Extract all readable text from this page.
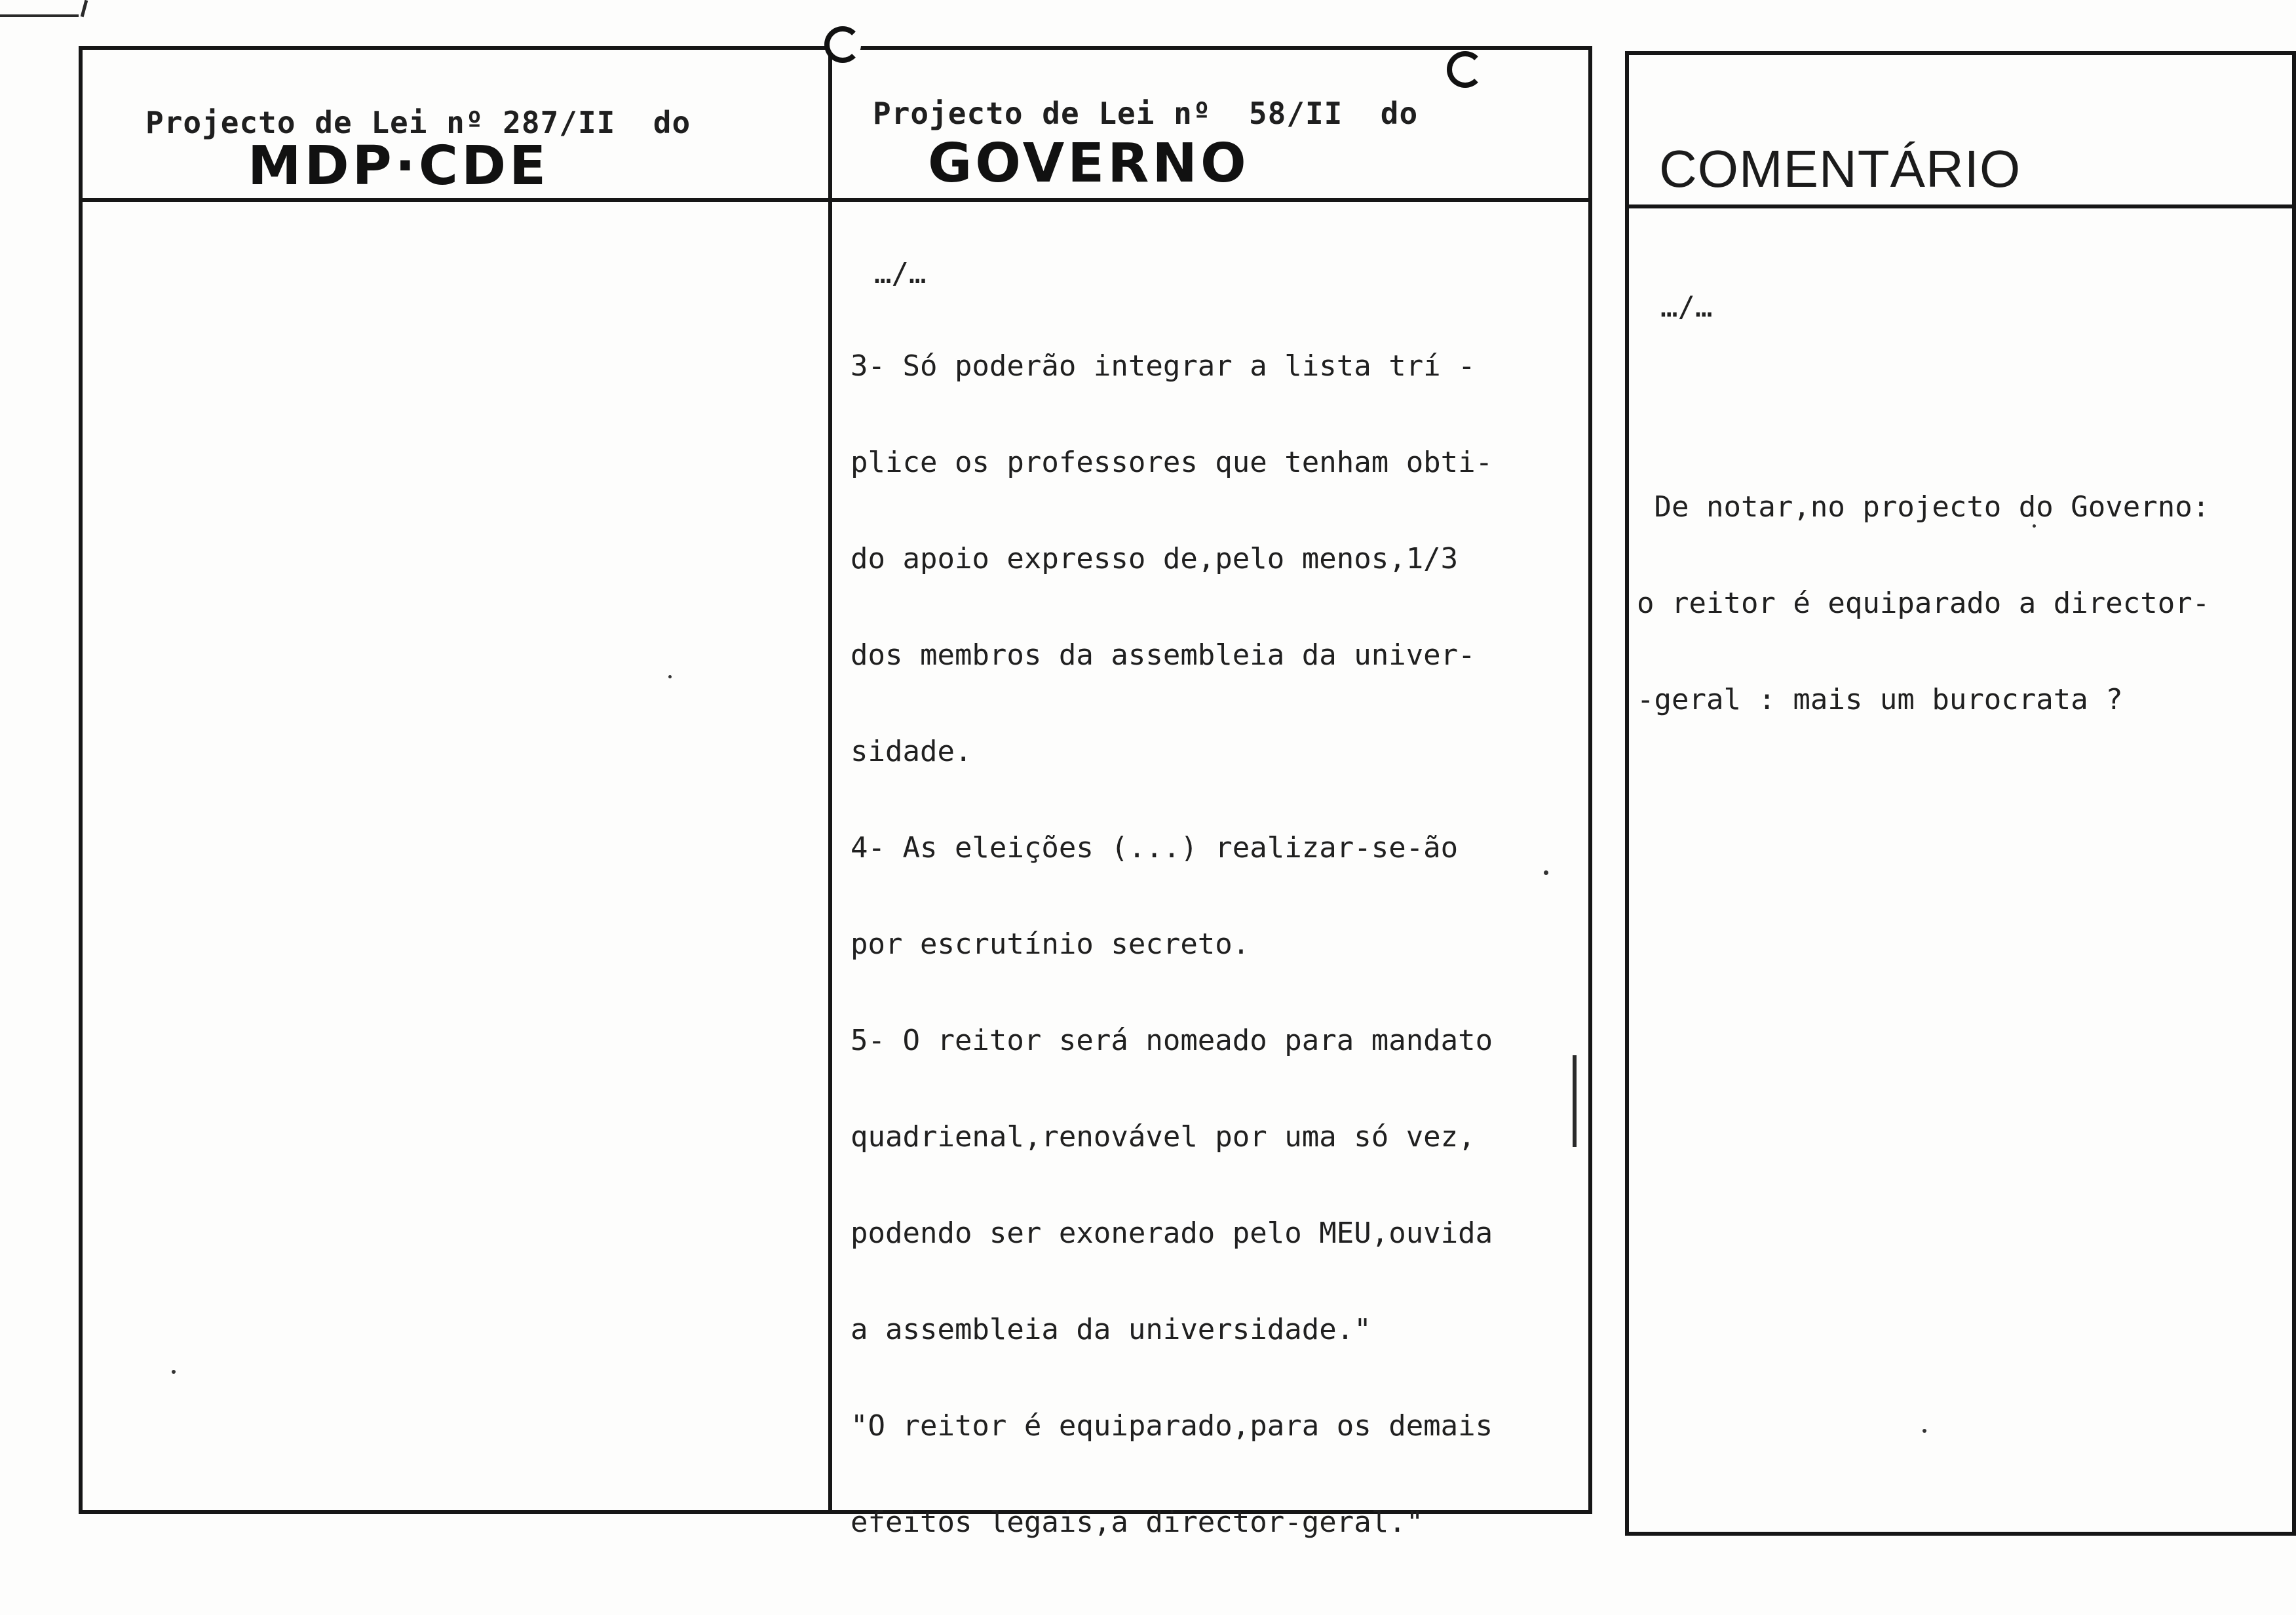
Projecto de Lei nº 287/II  do
MDP·CDE
Projecto de Lei nº  58/II  do
GOVERNO

…/…

3- Só poderão integrar a lista trí -

plice os professores que tenham obti-

do apoio expresso de,pelo menos,1/3

dos membros da assembleia da univer-

sidade.

4- As eleições (...) realizar-se-ão

por escrutínio secreto.

5- O reitor será nomeado para mandato

quadrienal,renovável por uma só vez,

podendo ser exonerado pelo MEU,ouvida

a assembleia da universidade."

"O reitor é equiparado,para os demais

efeitos legais,a director-geral."

COMENTÁRIO

…/…

De notar,no projecto do Governo:

o reitor é equiparado a director-

-geral : mais um burocrata ?
